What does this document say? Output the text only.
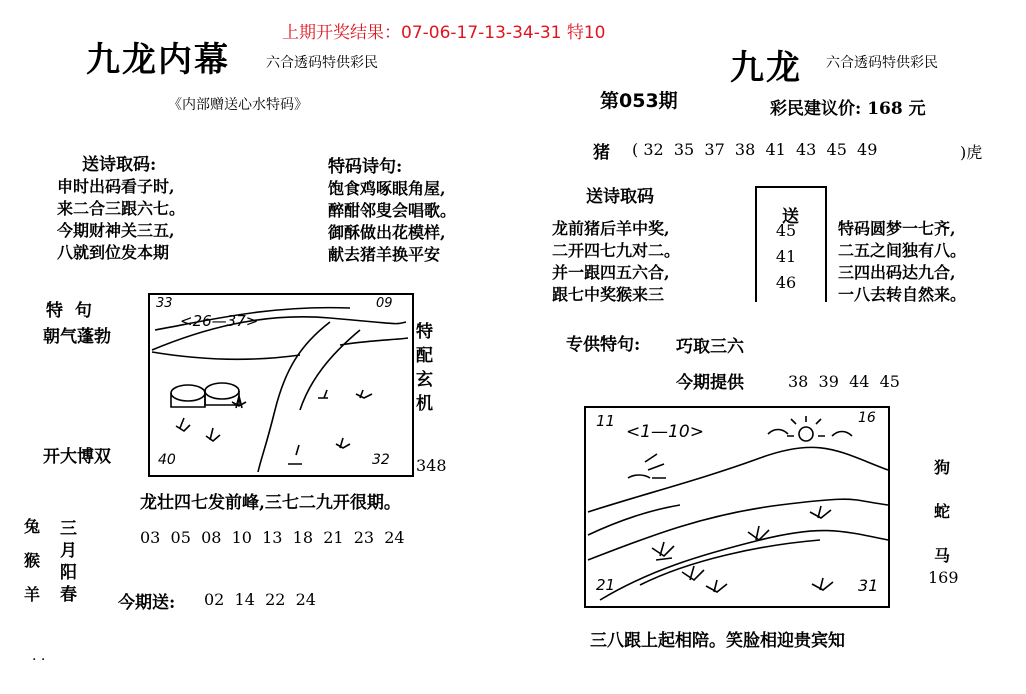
上期开奖结果：07-06-17-13-34-31 特10
九龙内幕	六合透码特供彩民
《内部赠送心水特码》
送诗取码:
申时出码看子时,
来二合三跟六七。
今期财神关三五,
八就到位发本期
特码诗句:
饱食鸡啄眼角屋,
醉酣邻叟会唱歌。
御酥做出花模样,
献去猪羊换平安
特  句
朝气蓬勃
开大博双
33	09
<26—37>
40	32
特配玄机
348
龙壮四七发前峰,三七二九开很期。
兔
猴
羊
三月阳春
03  05  08  10  13  18  21  23  24
今期送: 02  14  22  24
. .
九龙 六合透码特供彩民
第053期	彩民建议价: 168 元
猪 ( 32  35  37  38  41  43  45  49	)虎
送诗取码
龙前猪后羊中奖,
二开四七九对二。
并一跟四五六合,
跟七中奖猴来三
送
45
41
46
特码圆梦一七齐,
二五之间独有八。
三四出码达九合,
一八去转自然来。
专供特句: 巧取三六
今期提供	38  39  44  45
11	16
<1—10>
21	31
狗
蛇
马
169
三八跟上起相陪。笑脸相迎贵宾知
